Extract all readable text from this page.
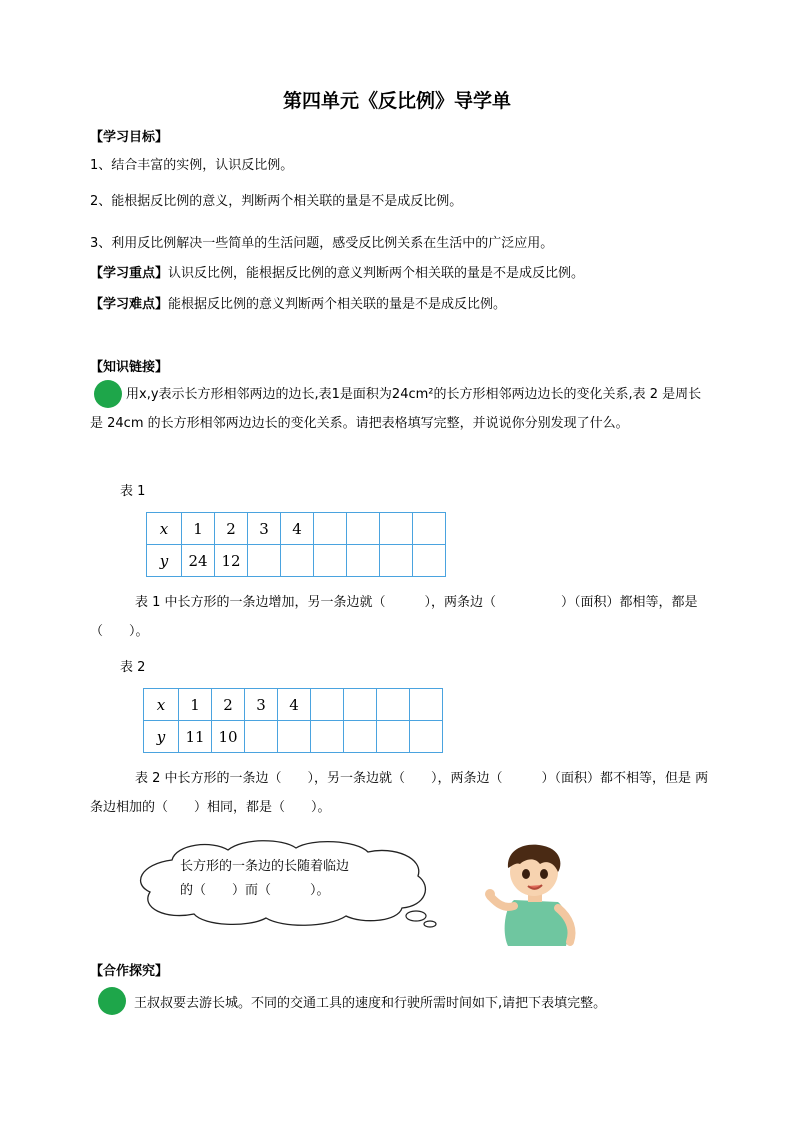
第四单元《反比例》导学单
【学习目标】
1、结合丰富的实例，认识反比例。
2、能根据反比例的意义，判断两个相关联的量是不是成反比例。
3、利用反比例解决一些简单的生活问题，感受反比例关系在生活中的广泛应用。
【学习重点】认识反比例，能根据反比例的意义判断两个相关联的量是不是成反比例。
【学习难点】能根据反比例的意义判断两个相关联的量是不是成反比例。
【知识链接】
用x,y表示长方形相邻两边的边长,表1是面积为24cm²的长方形相邻两边边长的变化关系,表 2 是周长是 24cm 的长方形相邻两边边长的变化关系。请把表格填写完整，并说说你分别发现了什么。
表 1
x	1	2	3	4				
y	24	12						
表 1 中长方形的一条边增加，另一条边就（　　　），两条边（　　　　　）（面积）都相等，都是（　　）。
表 2
x	1	2	3	4				
y	11	10						
表 2 中长方形的一条边（　　），另一条边就（　　），两条边（　　　）（面积）都不相等，但是 两条边相加的（　　）相同，都是（　　）。
长方形的一条边的长随着临边
的（　　）而（　　　）。
【合作探究】
王叔叔要去游长城。不同的交通工具的速度和行驶所需时间如下,请把下表填完整。
